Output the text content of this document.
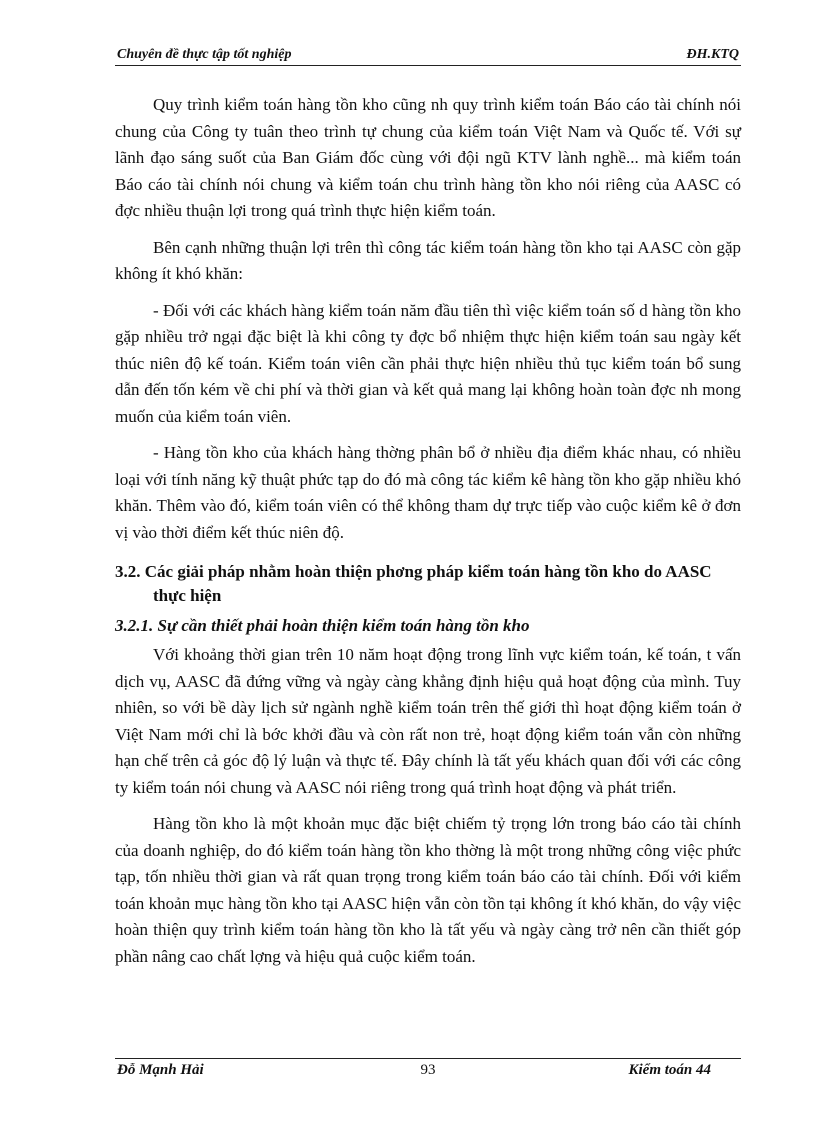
Chuyên đề thực tập tốt nghiệp	ĐH.KTQ

Quy trình kiểm toán hàng tồn kho cũng nh quy trình kiểm toán Báo cáo tài chính nói chung của Công ty tuân theo trình tự chung của kiểm toán Việt Nam và Quốc tế. Với sự lãnh đạo sáng suốt của Ban Giám đốc cùng với đội ngũ KTV lành nghề... mà kiểm toán Báo cáo tài chính nói chung và kiểm toán chu trình hàng tồn kho nói riêng của AASC có đợc nhiều thuận lợi trong quá trình thực hiện kiểm toán.

Bên cạnh những thuận lợi trên thì công tác kiểm toán hàng tồn kho tại AASC còn gặp không ít khó khăn:

- Đối với các khách hàng kiểm toán năm đầu tiên thì việc kiểm toán số d hàng tồn kho gặp nhiều trở ngại đặc biệt là khi công ty đợc bổ nhiệm thực hiện kiểm toán sau ngày kết thúc niên độ kế toán. Kiểm toán viên cần phải thực hiện nhiều thủ tục kiểm toán bổ sung dẫn đến tốn kém về chi phí và thời gian và kết quả mang lại không hoàn toàn đợc nh mong muốn của kiểm toán viên.

- Hàng tồn kho của khách hàng thờng phân bổ ở nhiều địa điểm khác nhau, có nhiều loại với tính năng kỹ thuật phức tạp do đó mà công tác kiểm kê hàng tồn kho gặp nhiều khó khăn. Thêm vào đó, kiểm toán viên có thể không tham dự trực tiếp vào cuộc kiểm kê ở đơn vị vào thời điểm kết thúc niên độ.

3.2. Các giải pháp nhằm hoàn thiện phơng pháp kiểm toán hàng tồn kho do AASC thực hiện
3.2.1. Sự cần thiết phải hoàn thiện kiểm toán hàng tồn kho

Với khoảng thời gian trên 10 năm hoạt động trong lĩnh vực kiểm toán, kế toán, t vấn dịch vụ, AASC đã đứng vững và ngày càng khẳng định hiệu quả hoạt động của mình. Tuy nhiên, so với bề dày lịch sử ngành nghề kiểm toán trên thế giới thì hoạt động kiểm toán ở Việt Nam mới chỉ là bớc khởi đầu và còn rất non trẻ, hoạt động kiểm toán vẫn còn những hạn chế trên cả góc độ lý luận và thực tế. Đây chính là tất yếu khách quan đối với các công ty kiểm toán nói chung và AASC nói riêng trong quá trình hoạt động và phát triển.

Hàng tồn kho là một khoản mục đặc biệt chiếm tỷ trọng lớn trong báo cáo tài chính của doanh nghiệp, do đó kiểm toán hàng tồn kho thờng là một trong những công việc phức tạp, tốn nhiều thời gian và rất quan trọng trong kiểm toán báo cáo tài chính. Đối với kiểm toán khoản mục hàng tồn kho tại AASC hiện vẫn còn tồn tại không ít khó khăn, do vậy việc hoàn thiện quy trình kiểm toán hàng tồn kho là tất yếu và ngày càng trở nên cần thiết góp phần nâng cao chất lợng và hiệu quả cuộc kiểm toán.

Đỗ Mạnh Hải	93	Kiểm toán 44
